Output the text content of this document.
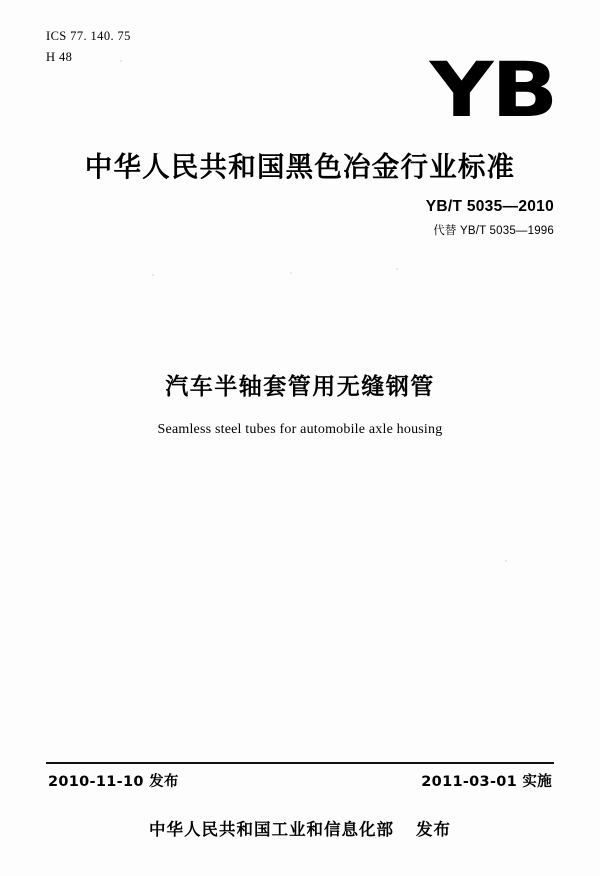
ICS 77. 140. 75
H 48	YB
中华人民共和国黑色冶金行业标准
YB/T 5035—2010
代替 YB/T 5035—1996
汽车半轴套管用无缝钢管
Seamless steel tubes for automobile axle housing
2010-11-10 发布	2011-03-01 实施
中华人民共和国工业和信息化部 发布
